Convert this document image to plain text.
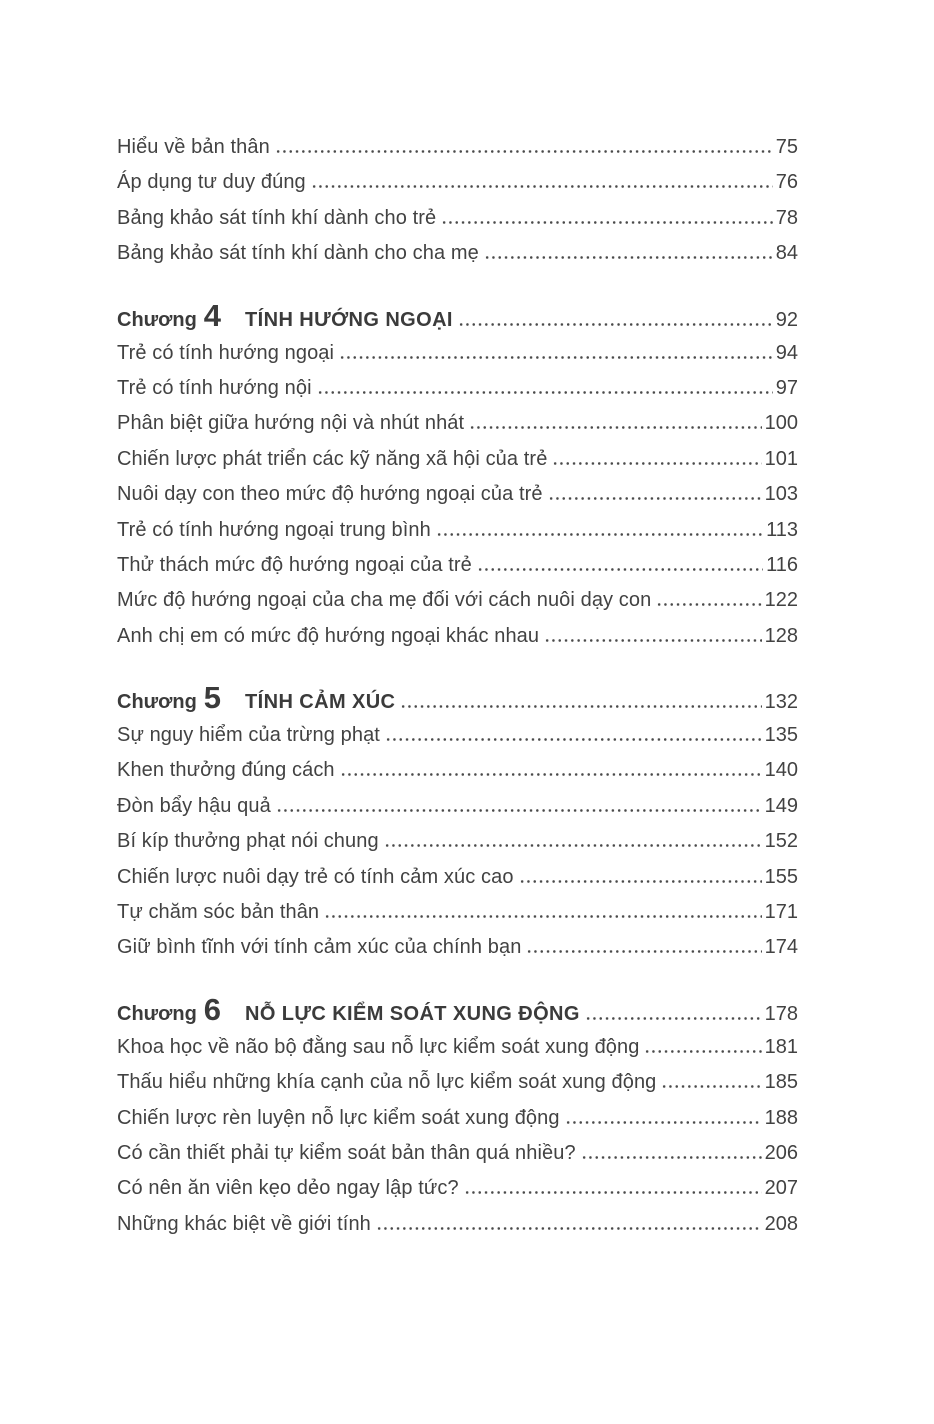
Hiểu về bản thân	75
Áp dụng tư duy đúng	76
Bảng khảo sát tính khí dành cho trẻ	78
Bảng khảo sát tính khí dành cho cha mẹ	84
Chương 4 TÍNH HƯỚNG NGOẠI	92
Trẻ có tính hướng ngoại	94
Trẻ có tính hướng nội	97
Phân biệt giữa hướng nội và nhút nhát	100
Chiến lược phát triển các kỹ năng xã hội của trẻ	101
Nuôi dạy con theo mức độ hướng ngoại của trẻ	103
Trẻ có tính hướng ngoại trung bình	113
Thử thách mức độ hướng ngoại của trẻ	116
Mức độ hướng ngoại của cha mẹ đối với cách nuôi dạy con	122
Anh chị em có mức độ hướng ngoại khác nhau	128
Chương 5 TÍNH CẢM XÚC	132
Sự nguy hiểm của trừng phạt	135
Khen thưởng đúng cách	140
Đòn bẩy hậu quả	149
Bí kíp thưởng phạt nói chung	152
Chiến lược nuôi dạy trẻ có tính cảm xúc cao	155
Tự chăm sóc bản thân	171
Giữ bình tĩnh với tính cảm xúc của chính bạn	174
Chương 6 NỖ LỰC KIỂM SOÁT XUNG ĐỘNG	178
Khoa học về não bộ đằng sau nỗ lực kiểm soát xung động	181
Thấu hiểu những khía cạnh của nỗ lực kiểm soát xung động	185
Chiến lược rèn luyện nỗ lực kiểm soát xung động	188
Có cần thiết phải tự kiểm soát bản thân quá nhiều?	206
Có nên ăn viên kẹo dẻo ngay lập tức?	207
Những khác biệt về giới tính	208
